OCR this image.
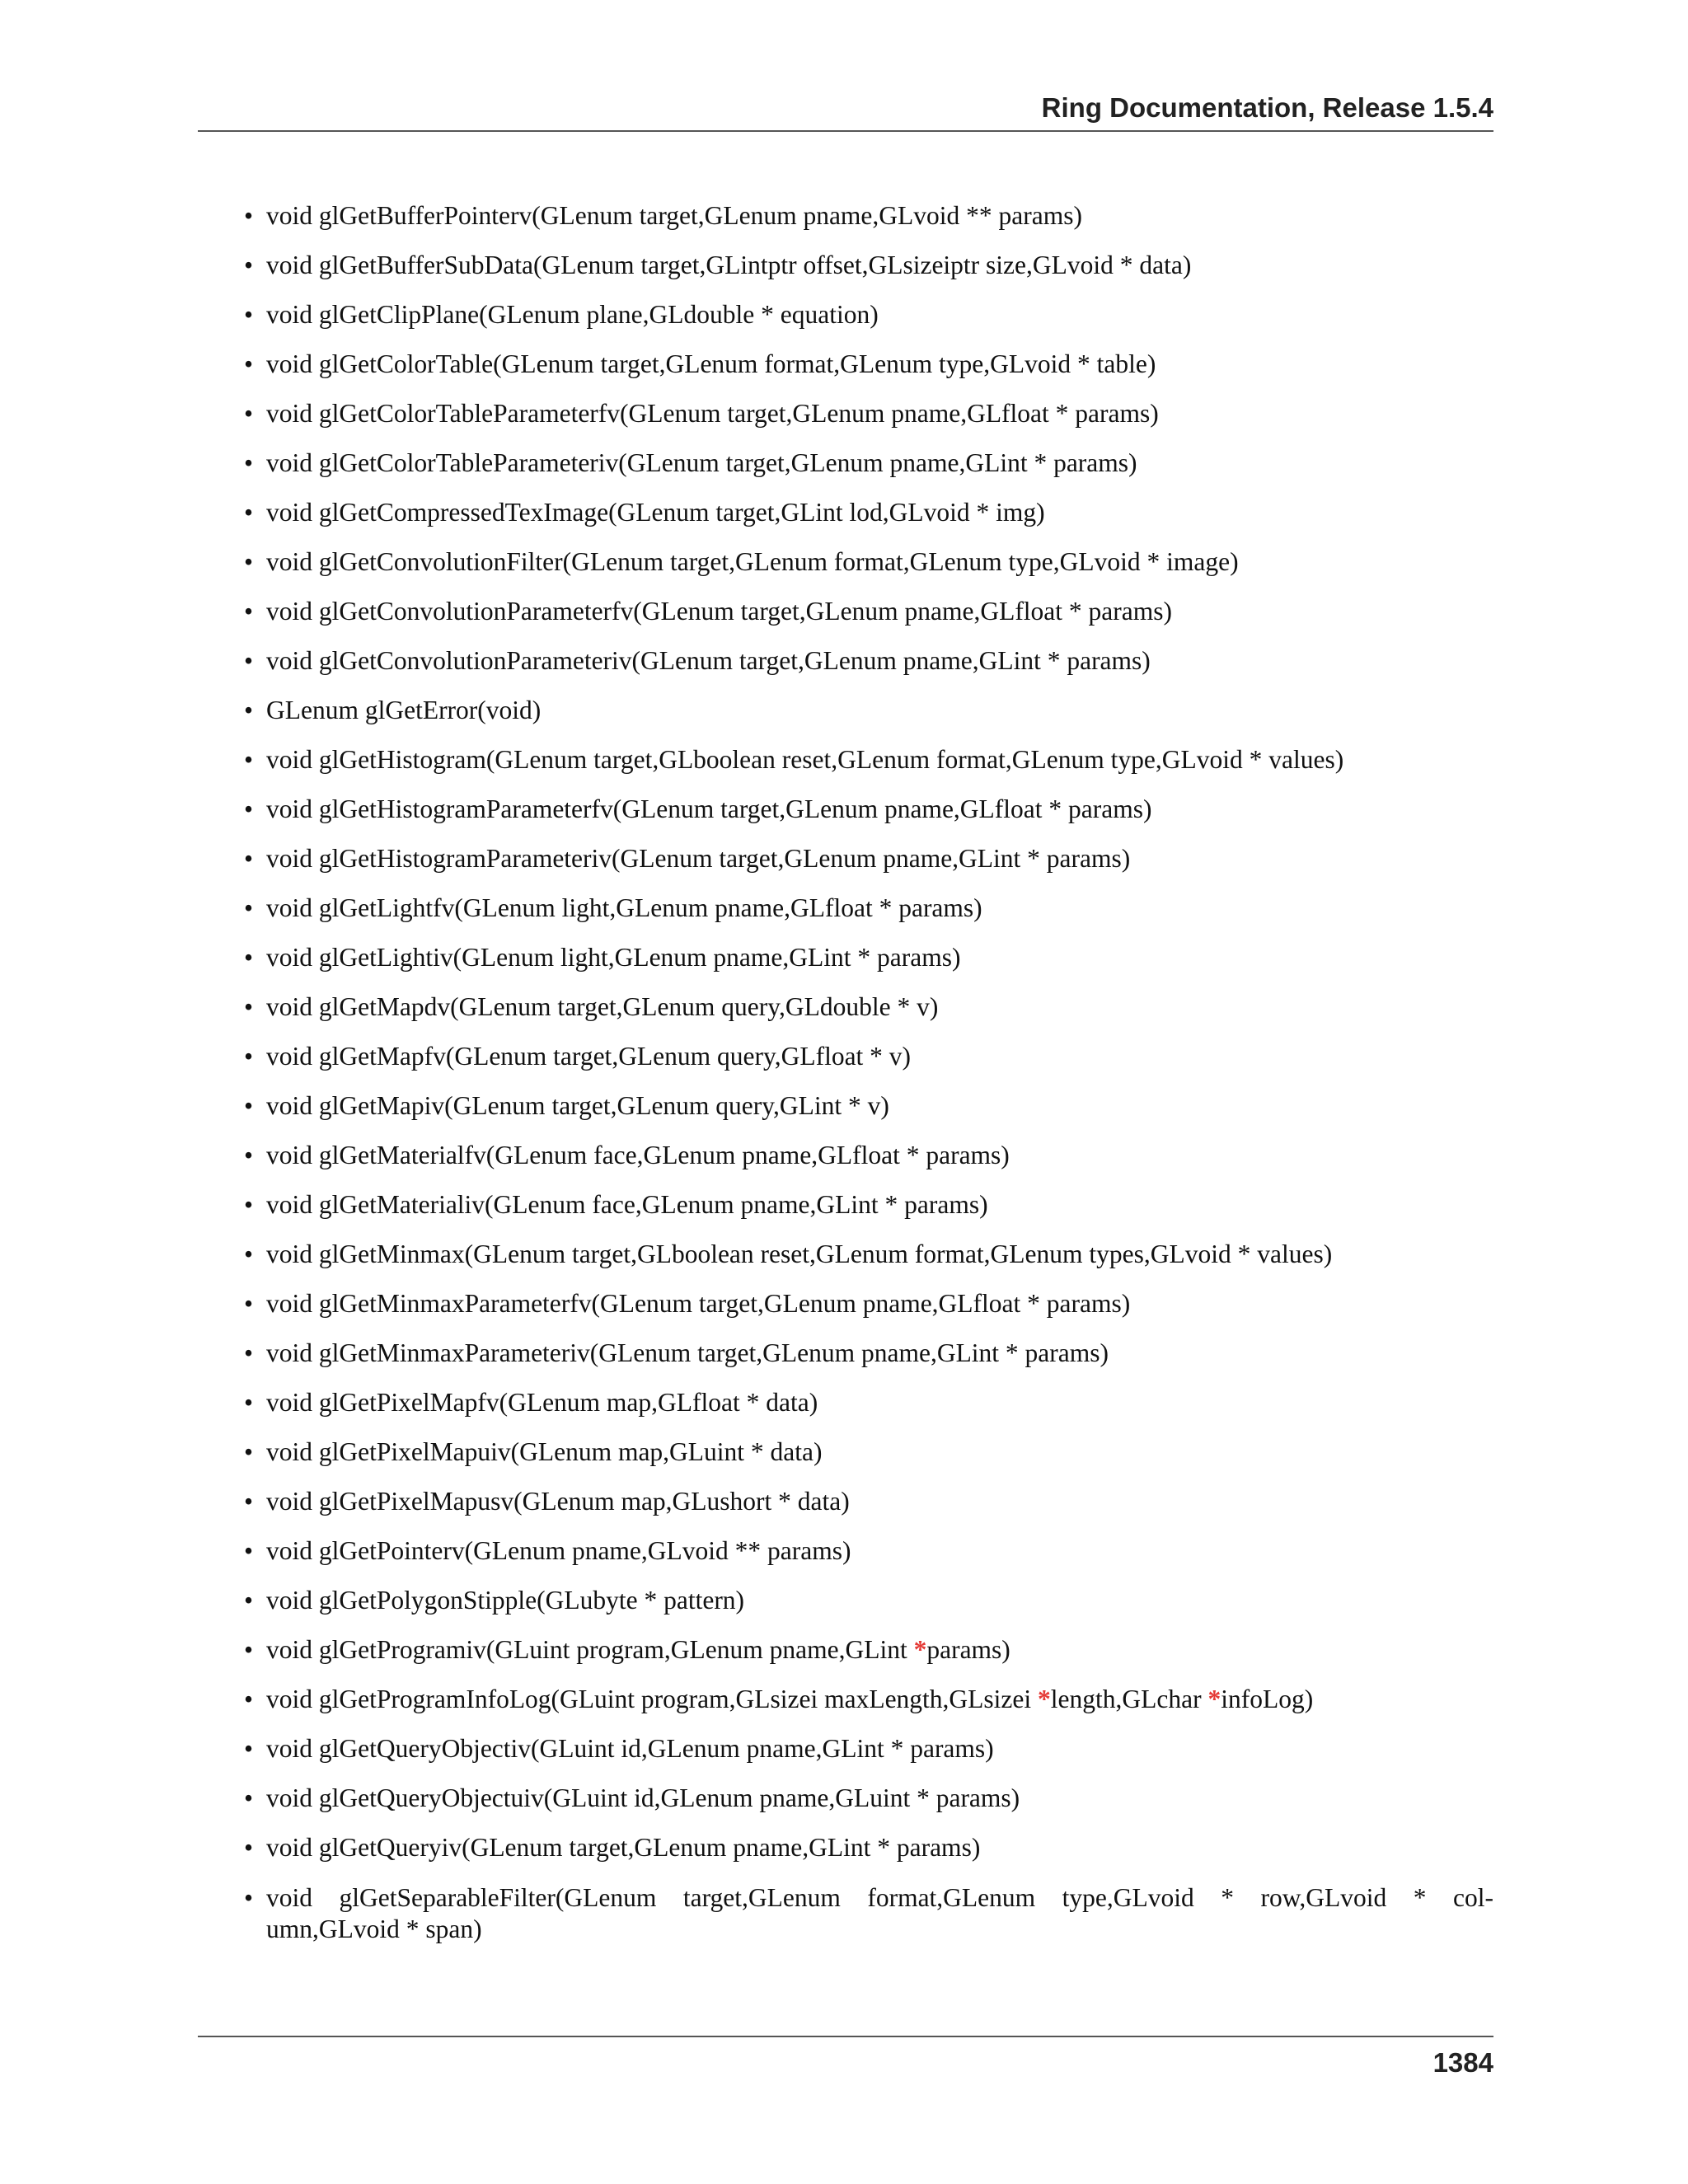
Ring Documentation, Release 1.5.4
• void glGetBufferPointerv(GLenum target,GLenum pname,GLvoid ** params)
• void glGetBufferSubData(GLenum target,GLintptr offset,GLsizeiptr size,GLvoid * data)
• void glGetClipPlane(GLenum plane,GLdouble * equation)
• void glGetColorTable(GLenum target,GLenum format,GLenum type,GLvoid * table)
• void glGetColorTableParameterfv(GLenum target,GLenum pname,GLfloat * params)
• void glGetColorTableParameteriv(GLenum target,GLenum pname,GLint * params)
• void glGetCompressedTexImage(GLenum target,GLint lod,GLvoid * img)
• void glGetConvolutionFilter(GLenum target,GLenum format,GLenum type,GLvoid * image)
• void glGetConvolutionParameterfv(GLenum target,GLenum pname,GLfloat * params)
• void glGetConvolutionParameteriv(GLenum target,GLenum pname,GLint * params)
• GLenum glGetError(void)
• void glGetHistogram(GLenum target,GLboolean reset,GLenum format,GLenum type,GLvoid * values)
• void glGetHistogramParameterfv(GLenum target,GLenum pname,GLfloat * params)
• void glGetHistogramParameteriv(GLenum target,GLenum pname,GLint * params)
• void glGetLightfv(GLenum light,GLenum pname,GLfloat * params)
• void glGetLightiv(GLenum light,GLenum pname,GLint * params)
• void glGetMapdv(GLenum target,GLenum query,GLdouble * v)
• void glGetMapfv(GLenum target,GLenum query,GLfloat * v)
• void glGetMapiv(GLenum target,GLenum query,GLint * v)
• void glGetMaterialfv(GLenum face,GLenum pname,GLfloat * params)
• void glGetMaterialiv(GLenum face,GLenum pname,GLint * params)
• void glGetMinmax(GLenum target,GLboolean reset,GLenum format,GLenum types,GLvoid * values)
• void glGetMinmaxParameterfv(GLenum target,GLenum pname,GLfloat * params)
• void glGetMinmaxParameteriv(GLenum target,GLenum pname,GLint * params)
• void glGetPixelMapfv(GLenum map,GLfloat * data)
• void glGetPixelMapuiv(GLenum map,GLuint * data)
• void glGetPixelMapusv(GLenum map,GLushort * data)
• void glGetPointerv(GLenum pname,GLvoid ** params)
• void glGetPolygonStipple(GLubyte * pattern)
• void glGetProgramiv(GLuint program,GLenum pname,GLint *params)
• void glGetProgramInfoLog(GLuint program,GLsizei maxLength,GLsizei *length,GLchar *infoLog)
• void glGetQueryObjectiv(GLuint id,GLenum pname,GLint * params)
• void glGetQueryObjectuiv(GLuint id,GLenum pname,GLuint * params)
• void glGetQueryiv(GLenum target,GLenum pname,GLint * params)
• void glGetSeparableFilter(GLenum target,GLenum format,GLenum type,GLvoid * row,GLvoid * col-
umn,GLvoid * span)
1384
